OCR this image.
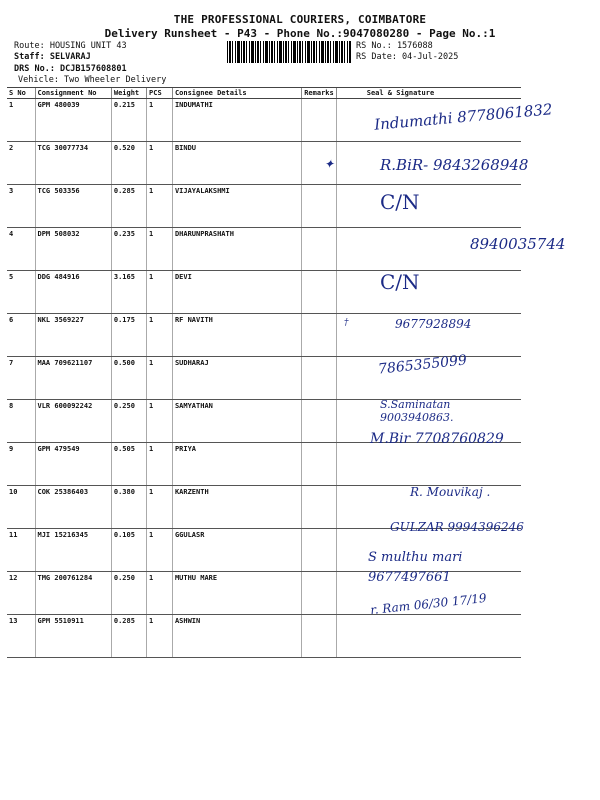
THE PROFESSIONAL COURIERS, COIMBATORE
Delivery Runsheet - P43 - Phone No.:9047080280 - Page No.:1
Route: HOUSING UNIT 43
Staff: SELVARAJ
DRS No.: DCJB157608801
Vehicle: Two Wheeler Delivery
RS No.: 1576088
RS Date: 04-Jul-2025
S No	Consignment No	Weight	PCS	Consignee Details	Remarks	Seal & Signature
1	GPM 480039	0.215	1	INDUMATHI		
2	TCG 30077734	0.520	1	BINDU		
3	TCG 503356	0.285	1	VIJAYALAKSHMI		
4	DPM 508032	0.235	1	DHARUNPRASHATH		
5	DDG 484916	3.165	1	DEVI		
6	NKL 3569227	0.175	1	RF NAVITH		
7	MAA 709621107	0.500	1	SUDHARAJ		
8	VLR 600092242	0.250	1	SAMYATHAN		
9	GPM 479549	0.505	1	PRIYA		
10	COK 25386403	0.380	1	KARZENTH		
11	MJI 15216345	0.105	1	GGULASR		
12	TMG 200761284	0.250	1	MUTHU MARE		
13	GPM 5510911	0.285	1	ASHWIN		
Indumathi 8778061832
R.BiR- 9843268948
C/N
8940035744
C/N
9677928894
7865355099
S.Saminatan 9003940863.
M.Bir 7708760829
R. Mouvikaj .
GULZAR 9994396246
S multhu mari 9677497661
r. Ram 06/30 17/19
✦
†
